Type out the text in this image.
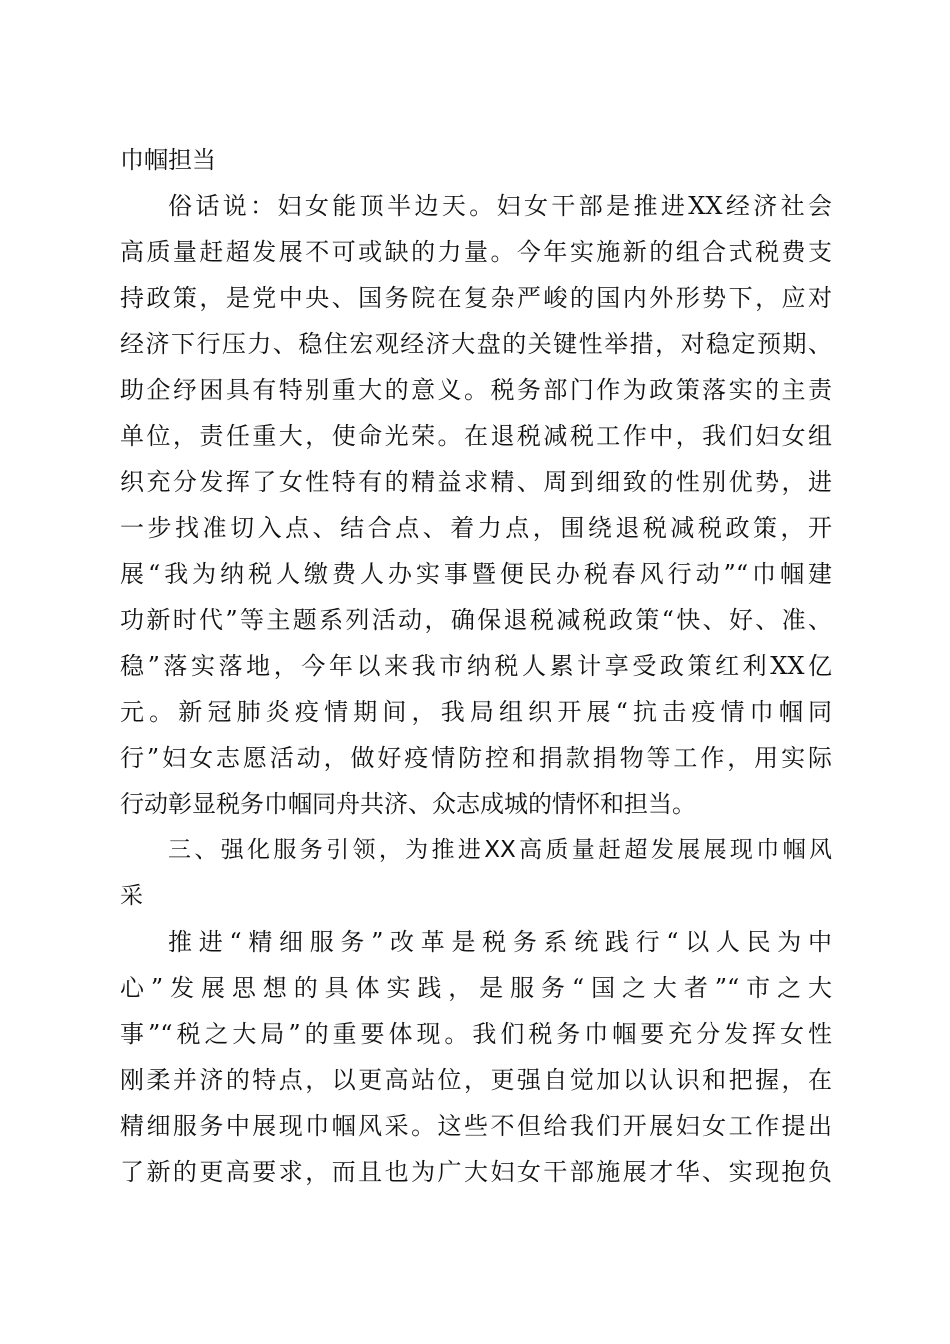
巾帼担当
俗话说：妇女能顶半边天。妇女干部是推进XX经济社会
高质量赶超发展不可或缺的力量。今年实施新的组合式税费支
持政策，是党中央、国务院在复杂严峻的国内外形势下，应对
经济下行压力、稳住宏观经济大盘的关键性举措，对稳定预期、
助企纾困具有特别重大的意义。税务部门作为政策落实的主责
单位，责任重大，使命光荣。在退税减税工作中，我们妇女组
织充分发挥了女性特有的精益求精、周到细致的性别优势，进
一步找准切入点、结合点、着力点，围绕退税减税政策，开
展“我为纳税人缴费人办实事暨便民办税春风行动”“巾帼建
功新时代”等主题系列活动，确保退税减税政策“快、好、准、
稳”落实落地，今年以来我市纳税人累计享受政策红利XX亿
元。新冠肺炎疫情期间，我局组织开展“抗击疫情巾帼同
行”妇女志愿活动，做好疫情防控和捐款捐物等工作，用实际
行动彰显税务巾帼同舟共济、众志成城的情怀和担当。
三、强化服务引领，为推进XX高质量赶超发展展现巾帼风
采
推进“精细服务”改革是税务系统践行“以人民为中
心”发展思想的具体实践，是服务“国之大者”“市之大
事”“税之大局”的重要体现。我们税务巾帼要充分发挥女性
刚柔并济的特点，以更高站位，更强自觉加以认识和把握，在
精细服务中展现巾帼风采。这些不但给我们开展妇女工作提出
了新的更高要求，而且也为广大妇女干部施展才华、实现抱负
